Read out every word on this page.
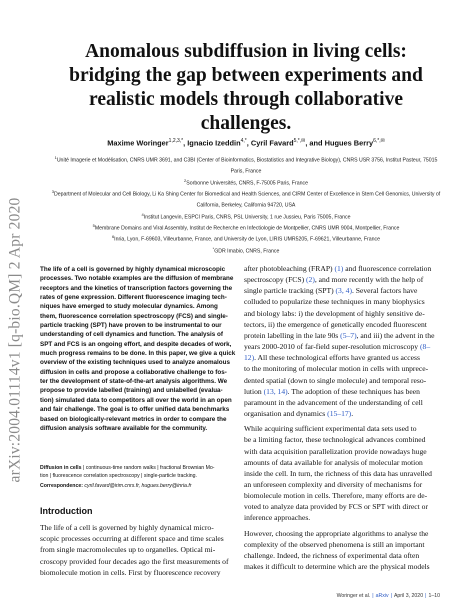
arXiv:2004.01114v1 [q-bio.QM] 2 Apr 2020
Anomalous subdiffusion in living cells:
bridging the gap between experiments and
realistic models through collaborative
challenges.
Maxime Woringer$^{1,2,3,*}$, Ignacio Izeddin$^{4,*}$, Cyril Favard$^{5,*,✉}$, and Hugues Berry$^{6,*,✉}$
$^1$Unité Imagerie et Modélisation, CNRS UMR 3691, and C3BI (Center of Bioinformatics, Biostatistics and Integrative Biology), CNRS USR 3756, Institut Pasteur, 75015
Paris, France
$^2$Sorbonne Universités, CNRS, F-75005 Paris, France
$^3$Department of Molecular and Cell Biology, Li Ka Shing Center for Biomedical and Health Sciences, and CIRM Center of Excellence in Stem Cell Genomics, University of
California, Berkeley, California 94720, USA
$^4$Institut Langevin, ESPCI Paris, CNRS, PSL University, 1 rue Jussieu, Paris 75005, France
$^5$Membrane Domains and Viral Assembly, Institut de Recherche en Infectiologie de Montpellier, CNRS UMR 9004, Montpellier, France
$^6$Inria, Lyon, F-69603, Villeurbanne, France, and University de Lyon, LIRIS UMR5205, F-69621, Villeurbanne, France
*GDR Imabio, CNRS, France
The life of a cell is governed by highly dynamical microscopic
processes. Two notable examples are the diffusion of membrane
receptors and the kinetics of transcription factors governing the
rates of gene expression. Different fluorescence imaging tech-
niques have emerged to study molecular dynamics. Among
them, fluorescence correlation spectroscopy (FCS) and single-
particle tracking (SPT) have proven to be instrumental to our
understanding of cell dynamics and function. The analysis of
SPT and FCS is an ongoing effort, and despite decades of work,
much progress remains to be done. In this paper, we give a quick
overview of the existing techniques used to analyze anomalous
diffusion in cells and propose a collaborative challenge to fos-
ter the development of state-of-the-art analysis algorithms. We
propose to provide labelled (training) and unlabelled (evalua-
tion) simulated data to competitors all over the world in an open
and fair challenge. The goal is to offer unified data benchmarks
based on biologically-relevant metrics in order to compare the
diffusion analysis software available for the community.
Diffusion in cells | continuous-time random walks | fractional Brownian Mo-
tion | fluorescence correlation spectroscopy | single-particle tracking.
Correspondence: cyril.favard@irim.cnrs.fr, hugues.berry@inria.fr
Introduction
The life of a cell is governed by highly dynamical micro-
scopic processes occurring at different space and time scales
from single macromolecules up to organelles. Optical mi-
croscopy provided four decades ago the first measurements of
biomolecule motion in cells. First by fluorescence recovery
after photobleaching (FRAP) (1) and fluorescence correlation
spectroscopy (FCS) (2), and more recently with the help of
single particle tracking (SPT) (3, 4). Several factors have
colluded to popularize these techniques in many biophysics
and biology labs: i) the development of highly sensitive de-
tectors, ii) the emergence of genetically encoded fluorescent
protein labelling in the late 90s (5–7), and iii) the advent in the
years 2000-2010 of far-field super-resolution microscopy (8–
12). All these technological efforts have granted us access
to the monitoring of molecular motion in cells with unprece-
dented spatial (down to single molecule) and temporal reso-
lution (13, 14). The adoption of these techniques has been
paramount in the advancement of the understanding of cell
organisation and dynamics (15–17).
While acquiring sufficient experimental data sets used to
be a limiting factor, these technological advances combined
with data acquisition parallelization provide nowadays huge
amounts of data available for analysis of molecular motion
inside the cell. In turn, the richness of this data has unravelled
an unforeseen complexity and diversity of mechanisms for
biomolecule motion in cells. Therefore, many efforts are de-
voted to analyze data provided by FCS or SPT with direct or
inference approaches.
However, choosing the appropriate algorithms to analyse the
complexity of the observed phenomena is still an important
challenge. Indeed, the richness of experimental data often
makes it difficult to determine which are the physical models
Woringer et al. | aRxiv | April 3, 2020 | 1–10
